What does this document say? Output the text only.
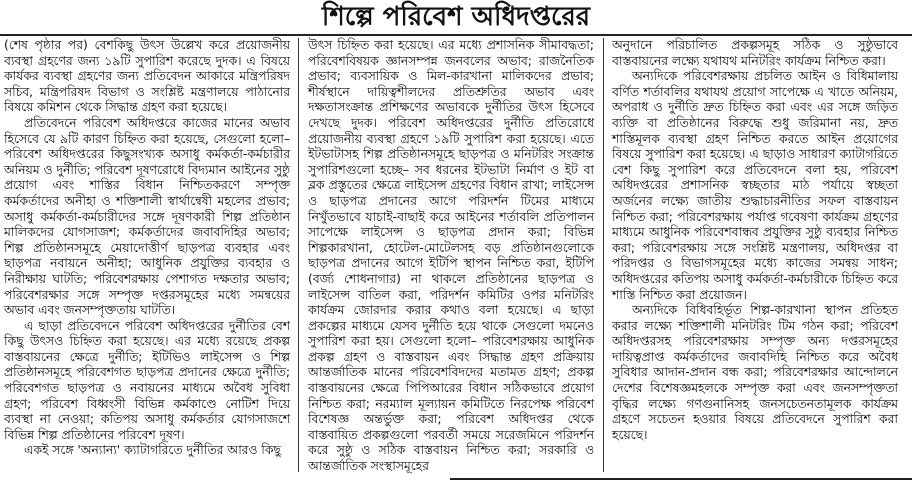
শিল্পে পরিবেশ অধিদপ্তরের

(শেষ পৃষ্ঠার পর) বেশকিছু উৎস উল্লেখ করে প্রয়োজনীয় ব্যবস্থা গ্রহণের জন্য ১৯টি সুপারিশ করেছে দুদক। এ বিষয়ে কার্যকর ব্যবস্থা গ্রহণের জন্য প্রতিবেদন আকারে মন্ত্রিপরিষদ সচিব, মন্ত্রিপরিষদ বিভাগ ও সংশ্লিষ্ট মন্ত্রণালয়ে পাঠানোর বিষয়ে কমিশন থেকে সিদ্ধান্ত গ্রহণ করা হয়েছে।

প্রতিবেদনে পরিবেশ অধিদপ্তরে কাজের মানের অভাব হিসেবে যে ৯টি কারণ চিহ্নিত করা হয়েছে, সেগুলো হলো– পরিবেশ অধিদপ্তরের কিছুসংখ্যক অসাধু কর্মকর্তা-কর্মচারীর অনিয়ম ও দুর্নীতি; পরিবেশ দূষণরোধে বিদ্যমান আইনের সুষ্ঠু প্রয়োগ এবং শাস্তির বিধান নিশ্চিতকরণে সম্পৃক্ত কর্মকর্তাদের অনীহা ও শক্তিশালী স্বার্থান্বেষী মহলের প্রভাব; অসাধু কর্মকর্তা-কর্মচারীদের সঙ্গে দূষণকারী শিল্প প্রতিষ্ঠান মালিকদের যোগসাজশ; কর্মকর্তাদের জবাবদিহির অভাব; শিল্প প্রতিষ্ঠানসমূহে মেয়াদোত্তীর্ণ ছাড়পত্র ব্যবহার এবং ছাড়পত্র নবায়নে অনীহা; আধুনিক প্রযুক্তির ব্যবহার ও নিরীক্ষায় ঘাটতি; পরিবেশরক্ষায় পেশাগত দক্ষতার অভাব; পরিবেশরক্ষার সঙ্গে সম্পৃক্ত দপ্তরসমূহের মধ্যে সমন্বয়ের অভাব এবং জনসম্পৃক্ততায় ঘাটতি।

এ ছাড়া প্রতিবেদনে পরিবেশ অধিদপ্তরের দুর্নীতির বেশ কিছু উৎসও চিহ্নিত করা হয়েছে। এর মধ্যে রয়েছে প্রকল্প বাস্তবায়নের ক্ষেত্রে দুর্নীতি; ইটিভিও লাইসেন্স ও শিল্প প্রতিষ্ঠানসমূহে পরিবেশগত ছাড়পত্র প্রদানের ক্ষেত্রে দুর্নীতি; পরিবেশগত ছাড়পত্র ও নবায়নের মাধ্যমে অবৈধ সুবিধা গ্রহণ; পরিবেশ বিধ্বংসী বিভিন্ন কর্মকাণ্ডে নোটিশ দিয়ে ব্যবস্থা না নেওয়া; কতিপয় অসাধু কর্মকর্তার যোগসাজশে বিভিন্ন শিল্প প্রতিষ্ঠানের পরিবেশ দূষণ।

একই সঙ্গে 'অন্যান্য' ক্যাটাগরিতে দুর্নীতির আরও কিছু

উৎস চিহ্নিত করা হয়েছে। এর মধ্যে প্রশাসনিক সীমাবদ্ধতা; পরিবেশবিষয়ক জ্ঞানসম্পন্ন জনবলের অভাব; রাজনৈতিক প্রভাব; ব্যবসায়িক ও মিল-কারখানা মালিকদের প্রভাব; শীর্ষস্থানে দায়িত্বশীলদের প্রতিশ্রুতির অভাব এবং দক্ষতাসংক্রান্ত প্রশিক্ষণের অভাবকে দুর্নীতির উৎস হিসেবে দেখছে দুদক। পরিবেশ অধিদপ্তরের দুর্নীতি প্রতিরোধে প্রয়োজনীয় ব্যবস্থা গ্রহণে ১৯টি সুপারিশ করা হয়েছে। এতে ইটভাটাসহ শিল্প প্রতিষ্ঠানসমূহে ছাড়পত্র ও মনিটরিং সংক্রান্ত সুপারিশগুলো হচ্ছে– সব ধরনের ইটভাটা নির্মাণ ও ইট বা ব্লক প্রস্তুতের ক্ষেত্রে লাইসেন্স গ্রহণের বিধান রাখা; লাইসেন্স ও ছাড়পত্র প্রদানের আগে পরিদর্শন টিমের মাধ্যমে নিখুঁতভাবে যাচাই-বাছাই করে আইনের শর্তাবলি প্রতিপালন সাপেক্ষে লাইসেন্স ও ছাড়পত্র প্রদান করা; বিভিন্ন শিল্পকারখানা, হোটেল-মোটেলসহ বড় প্রতিষ্ঠানগুলোকে ছাড়পত্র প্রদানের আগে ইটিপি স্থাপন নিশ্চিত করা, ইটিপি (বর্জ্য শোধনাগার) না থাকলে প্রতিষ্ঠানের ছাড়পত্র ও লাইসেন্স বাতিল করা, পরিদর্শন কমিটির ওপর মনিটরিং কার্যক্রম জোরদার করার কথাও বলা হয়েছে। এ ছাড়া প্রকল্পের মাধ্যমে যেসব দুর্নীতি হয়ে থাকে সেগুলো দমনেও সুপারিশ করা হয়। সেগুলো হলো– পরিবেশরক্ষায় আধুনিক প্রকল্প গ্রহণ ও বাস্তবায়ন এবং সিদ্ধান্ত গ্রহণ প্রক্রিয়ায় আন্তর্জাতিক মানের পরিবেশবিদদের মতামত গ্রহণ; প্রকল্প বাস্তবায়নের ক্ষেত্রে পিপিআরের বিধান সঠিকভাবে প্রয়োগ নিশ্চিত করা; নরম্যাল মূল্যায়ন কমিটিতে নিরপেক্ষ পরিবেশ বিশেষজ্ঞ অন্তর্ভুক্ত করা; পরিবেশ অধিদপ্তর থেকে বাস্তবায়িত প্রকল্পগুলো পরবর্তী সময়ে সরেজমিনে পরিদর্শন করে সুষ্ঠু ও সঠিক বাস্তবায়ন নিশ্চিত করা; সরকারি ও আন্তর্জাতিক সংস্থাসমূহের

অনুদানে পরিচালিত প্রকল্পসমূহ সঠিক ও সুষ্ঠুভাবে বাস্তবায়নের লক্ষ্যে যথাযথ মনিটরিং কার্যক্রম নিশ্চিত করা।

অন্যদিকে পরিবেশরক্ষায় প্রচলিত আইন ও বিধিমালায় বর্ণিত শর্তাবলির যথাযথ প্রয়োগ সাপেক্ষে এ খাতে অনিয়ম, অপরাধ ও দুর্নীতি দ্রুত চিহ্নিত করা এবং এর সঙ্গে জড়িত ব্যক্তি বা প্রতিষ্ঠানের বিরুদ্ধে শুধু জরিমানা নয়, দ্রুত শাস্তিমূলক ব্যবস্থা গ্রহণ নিশ্চিত করতে আইন প্রয়োগের বিষয়ে সুপারিশ করা হয়েছে। এ ছাড়াও সাধারণ ক্যাটাগরিতে বেশ কিছু সুপারিশ করে প্রতিবেদনে বলা হয়, পরিবেশ অধিদপ্তরের প্রশাসনিক স্বচ্ছতার মাঠ পর্যায়ে স্বচ্ছতা অর্জনের লক্ষ্যে জাতীয় শুদ্ধাচারনীতির সফল বাস্তবায়ন নিশ্চিত করা; পরিবেশরক্ষায় পর্যাপ্ত গবেষণা কার্যক্রম গ্রহণের মাধ্যমে আধুনিক পরিবেশবান্ধব প্রযুক্তির সুষ্ঠু ব্যবহার নিশ্চিত করা; পরিবেশরক্ষায় সঙ্গে সংশ্লিষ্ট মন্ত্রণালয়, অধিদপ্তর বা পরিদপ্তর ও বিভাগসমূহের মধ্যে কাজের সমন্বয় সাধন; অধিদপ্তরের কতিপয় অসাধু কর্মকর্তা-কর্মচারীকে চিহ্নিত করে শাস্তি নিশ্চিত করা প্রয়োজন।

অন্যদিকে বিধিবহির্ভূত শিল্প-কারখানা স্থাপন প্রতিহত করার লক্ষ্যে শক্তিশালী মনিটরিং টিম গঠন করা; পরিবেশ অধিদপ্তরসহ পরিবেশরক্ষায় সম্পৃক্ত অন্য দপ্তরসমূহের দায়িত্বপ্রাপ্ত কর্মকর্তাদের জবাবদিহি নিশ্চিত করে অবৈধ সুবিধার আদান-প্রদান বন্ধ করা; পরিবেশরক্ষার আন্দোলনে দেশের বিশেষজ্ঞমহলকে সম্পৃক্ত করা এবং জনসম্পৃক্ততা বৃদ্ধির লক্ষ্যে গণগুনানিসহ জনসচেতনতামূলক কার্যক্রম গ্রহণে সচেতন হওয়ার বিষয়ে প্রতিবেদনে সুপারিশ করা হয়েছে।
